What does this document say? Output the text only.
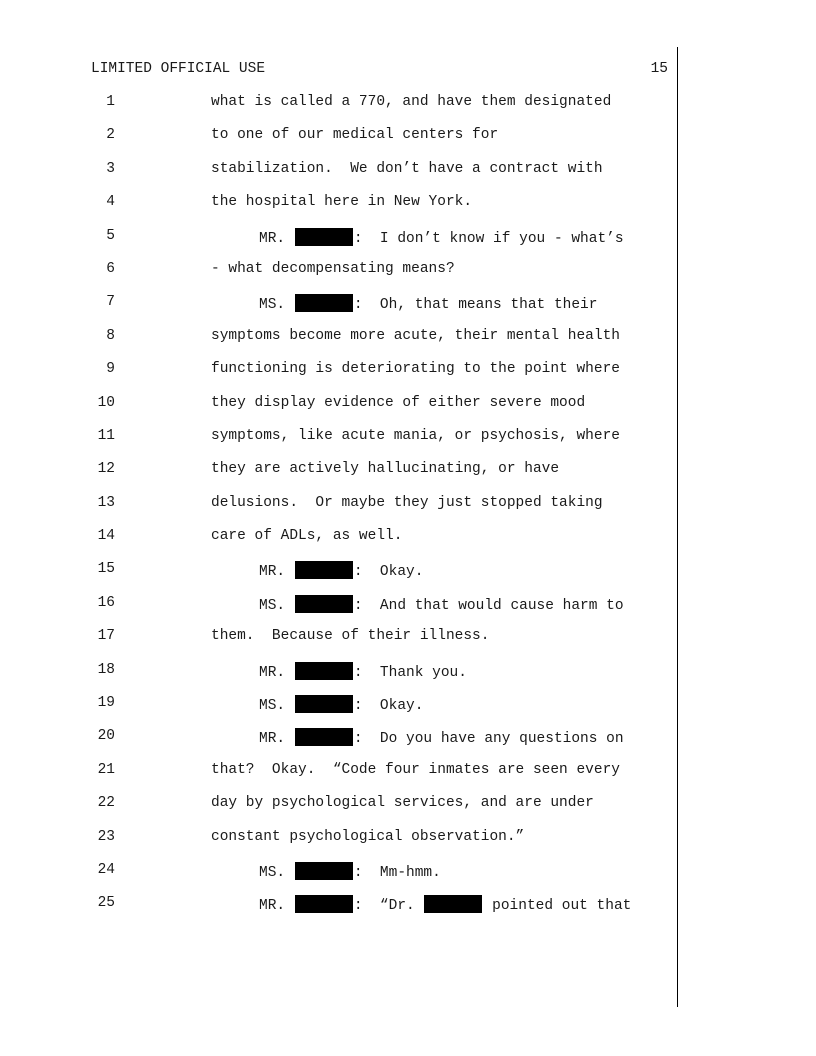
LIMITED OFFICIAL USE	15
1	what is called a 770, and have them designated
2	to one of our medical centers for
3	stabilization.  We don’t have a contract with
4	the hospital here in New York.
5	MR.	:  I don’t know if you - what’s
6	- what decompensating means?
7	MS.	:  Oh, that means that their
8	symptoms become more acute, their mental health
9	functioning is deteriorating to the point where
10	they display evidence of either severe mood
11	symptoms, like acute mania, or psychosis, where
12	they are actively hallucinating, or have
13	delusions.  Or maybe they just stopped taking
14	care of ADLs, as well.
15	MR.	:  Okay.
16	MS.	:  And that would cause harm to
17	them.  Because of their illness.
18	MR.	:  Thank you.
19	MS.	:  Okay.
20	MR.	:  Do you have any questions on
21	that?  Okay.  “Code four inmates are seen every
22	day by psychological services, and are under
23	constant psychological observation.”
24	MS.	:  Mm-hmm.
25	MR.	:  “Dr.	pointed out that
